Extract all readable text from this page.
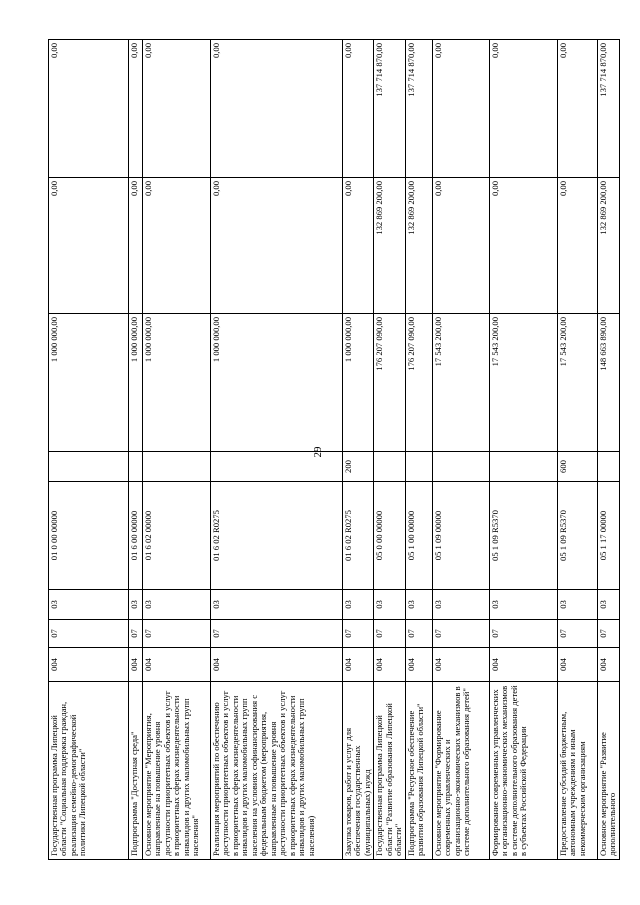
29
Государственная программа Липецкой области "Социальная поддержка граждан, реализация семейно-демографической политики Липецкой области"	004	07	03	01 0 00 00000		1 000 000,00	0,00	0,00
Подпрограмма "Доступная среда"	004	07	03	01 6 00 00000		1 000 000,00	0,00	0,00
Основное мероприятие "Мероприятия, направленные на повышение уровня доступности приоритетных объектов и услуг в приоритетных сферах жизнедеятельности инвалидов и других маломобильных групп населения"	004	07	03	01 6 02 00000		1 000 000,00	0,00	0,00
Реализация мероприятий по обеспечению доступности приоритетных объектов и услуг в приоритетных сферах жизнедеятельности инвалидов и других маломобильных групп населения на условиях софинансирования с федеральным бюджетом (мероприятия, направленные на повышение уровня доступности приоритетных объектов и услуг в приоритетных сферах жизнедеятельности инвалидов и других маломобильных групп населения)	004	07	03	01 6 02 R0275		1 000 000,00	0,00	0,00
Закупка товаров, работ и услуг для обеспечения государственных (муниципальных) нужд	004	07	03	01 6 02 R0275	200	1 000 000,00	0,00	0,00
Государственная программа Липецкой области "Развитие образования Липецкой области"	004	07	03	05 0 00 00000		176 207 090,00	132 869 200,00	137 714 870,00
Подпрограмма "Ресурсное обеспечение развития образования Липецкой области"	004	07	03	05 1 00 00000		176 207 090,00	132 869 200,00	137 714 870,00
Основное мероприятие "Формирование современных управленческих и организационно-экономических механизмов в системе дополнительного образования детей"	004	07	03	05 1 09 00000		17 543 200,00	0,00	0,00
Формирование современных управленческих и организационно-экономических механизмов в системе дополнительного образования детей в субъектах Российской Федерации	004	07	03	05 1 09 R5370		17 543 200,00	0,00	0,00
Предоставление субсидий бюджетным, автономным учреждениям и иным некоммерческим организациям	004	07	03	05 1 09 R5370	600	17 543 200,00	0,00	0,00
Основное мероприятие "Развитие дополнительного	004	07	03	05 1 17 00000		148 663 890,00	132 869 200,00	137 714 870,00
